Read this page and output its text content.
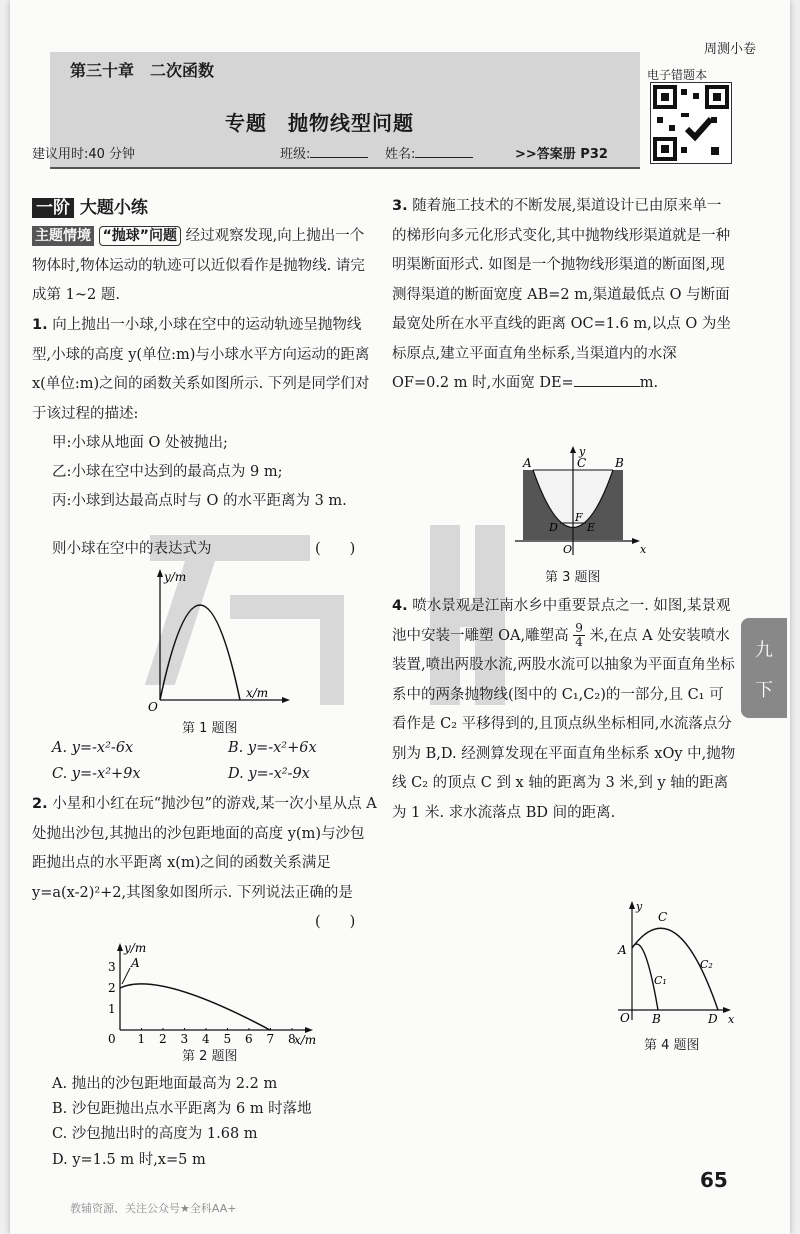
周测小卷
第三十章　二次函数
专题　抛物线型问题
建议用时:40 分钟	班级:	姓名:	>>答案册 P32
电子错题本
一阶 大题小练
主题情境 “抛球”问题 经过观察发现,向上抛出一个物体时,物体运动的轨迹可以近似看作是抛物线. 请完成第 1~2 题.
1. 向上抛出一小球,小球在空中的运动轨迹呈抛物线型,小球的高度 y(单位:m)与小球水平方向运动的距离 x(单位:m)之间的函数关系如图所示. 下列是同学们对于该过程的描述:
甲:小球从地面 O 处被抛出;
乙:小球在空中达到的最高点为 9 m;
丙:小球到达最高点时与 O 的水平距离为 3 m.
则小球在空中的表达式为	(　　)
y/m
x/m
O
第 1 题图
A. y=-x²-6x	B. y=-x²+6x
C. y=-x²+9x	D. y=-x²-9x
2. 小星和小红在玩“抛沙包”的游戏,某一次小星从点 A 处抛出沙包,其抛出的沙包距地面的高度 y(m)与沙包距抛出点的水平距离 x(m)之间的函数关系满足 y=a(x-2)²+2,其图象如图所示. 下列说法正确的是
(　　)
0 1 2 3 4 5 6 7 8
1
2
3 A
y/m
x/m
第 2 题图
A. 抛出的沙包距地面最高为 2.2 m
B. 沙包距抛出点水平距离为 6 m 时落地
C. 沙包抛出时的高度为 1.68 m
D. y=1.5 m 时,x=5 m
3. 随着施工技术的不断发展,渠道设计已由原来单一的梯形向多元化形式变化,其中抛物线形渠道就是一种明渠断面形式. 如图是一个抛物线形渠道的断面图,现测得渠道的断面宽度 AB=2 m,渠道最低点 O 与断面最宽处所在水平直线的距离 OC=1.6 m,以点 O 为坐标原点,建立平面直角坐标系,当渠道内的水深 OF=0.2 m 时,水面宽 DE=	m.
A	C B
D
F
E
O
y
x
第 3 题图
4. 喷水景观是江南水乡中重要景点之一. 如图,某景观池中安装一雕塑 OA,雕塑高 $\frac{9}{4}$ 米,在点 A 处安装喷水装置,喷出两股水流,两股水流可以抽象为平面直角坐标系中的两条抛物线(图中的 C₁,C₂)的一部分,且 C₁ 可看作是 C₂ 平移得到的,且顶点纵坐标相同,水流落点分别为 B,D. 经测算发现在平面直角坐标系 xOy 中,抛物线 C₂ 的顶点 C 到 x 轴的距离为 3 米,到 y 轴的距离为 1 米. 求水流落点 BD 间的距离.
C
A
C₁
C₂
O B	D x
y
第 4 题图
九
下
65
教辅资源、关注公众号★全科AA+
